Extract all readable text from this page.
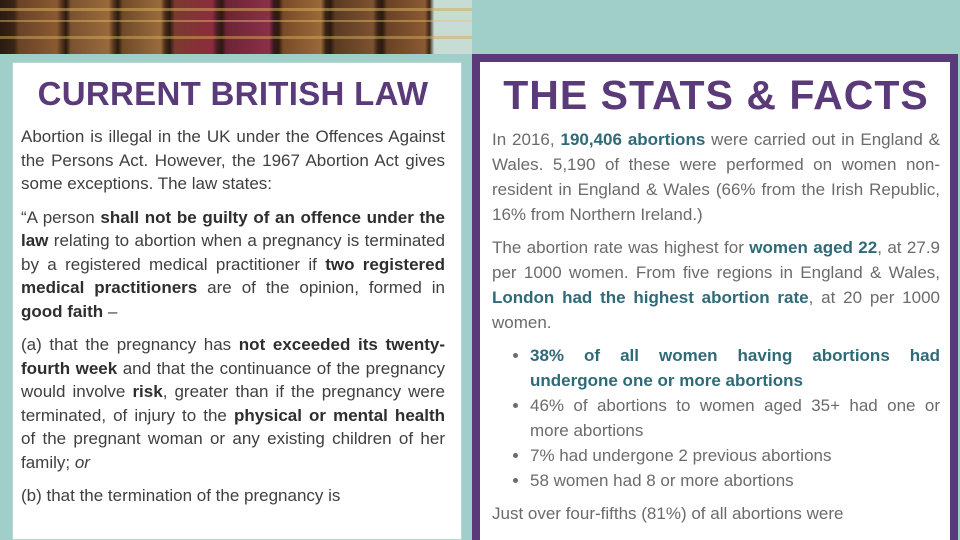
CURRENT BRITISH LAW

Abortion is illegal in the UK under the Offences Against the Persons Act. However, the 1967 Abortion Act gives some exceptions. The law states:

“A person shall not be guilty of an offence under the law relating to abortion when a pregnancy is terminated by a registered medical practitioner if two registered medical practitioners are of the opinion, formed in good faith –

(a) that the pregnancy has not exceeded its twenty-fourth week and that the continuance of the pregnancy would involve risk, greater than if the pregnancy were terminated, of injury to the physical or mental health of the pregnant woman or any existing children of her family; or

(b) that the termination of the pregnancy is

THE STATS & FACTS

In 2016, 190,406 abortions were carried out in England & Wales. 5,190 of these were performed on women non-resident in England & Wales (66% from the Irish Republic, 16% from Northern Ireland.)

The abortion rate was highest for women aged 22, at 27.9 per 1000 women. From five regions in England & Wales, London had the highest abortion rate, at 20 per 1000 women.

• 38% of all women having abortions had undergone one or more abortions
• 46% of abortions to women aged 35+ had one or more abortions
• 7% had undergone 2 previous abortions
• 58 women had 8 or more abortions

Just over four-fifths (81%) of all abortions were
